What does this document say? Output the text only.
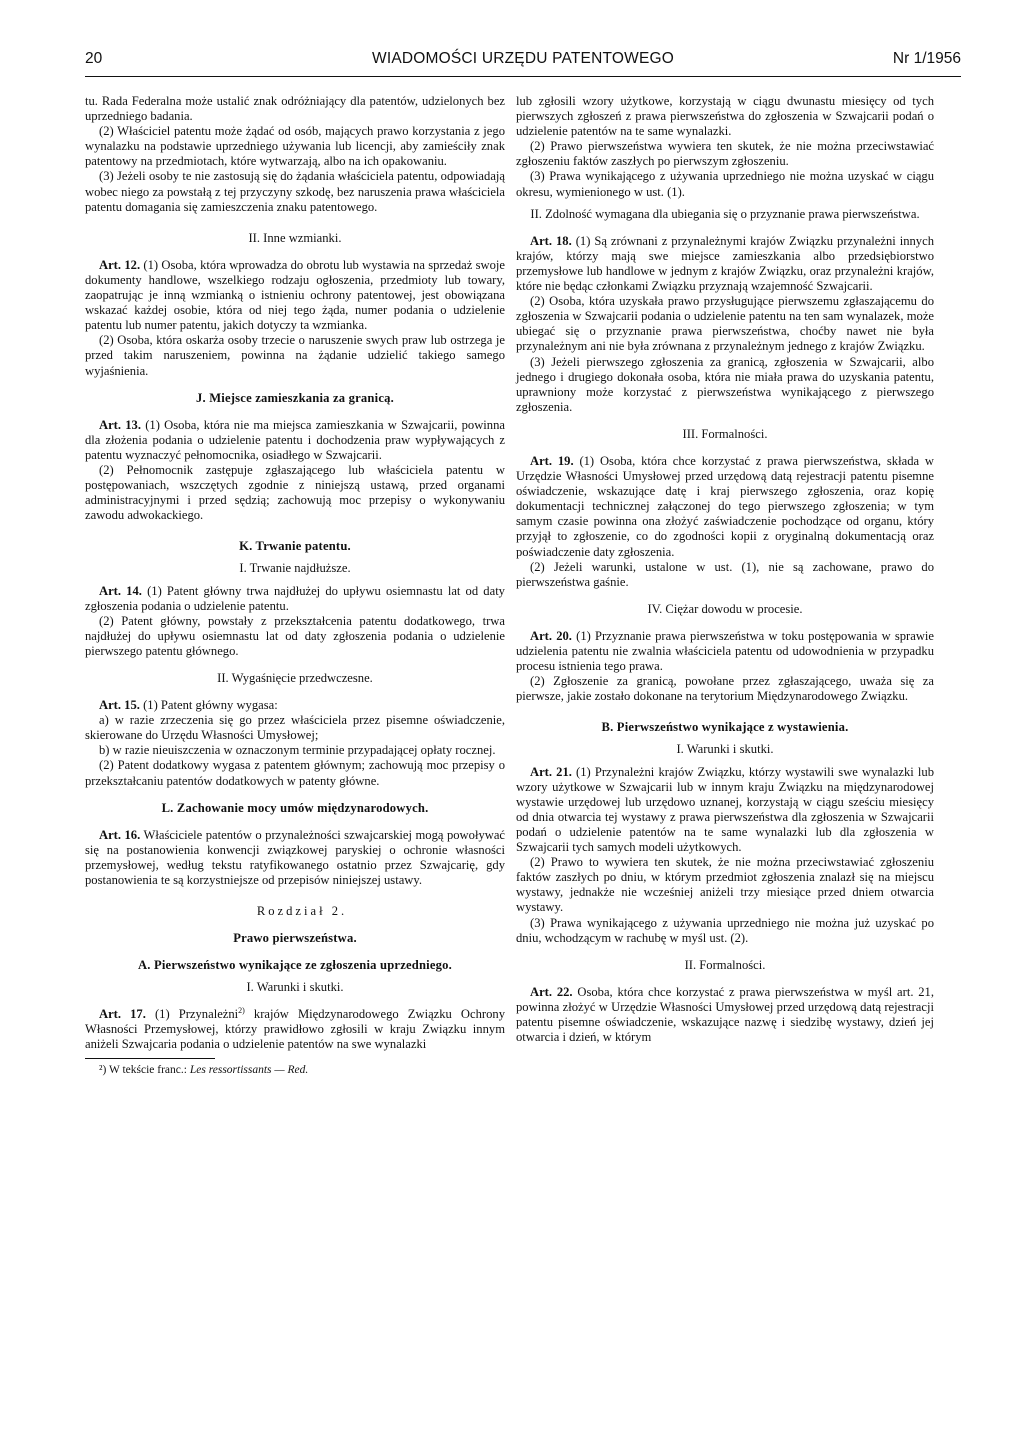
20	WIADOMOŚCI URZĘDU PATENTOWEGO	Nr 1/1956

tu. Rada Federalna może ustalić znak odróżniający dla patentów, udzielonych bez uprzedniego badania.

(2) Właściciel patentu może żądać od osób, mających prawo korzystania z jego wynalazku na podstawie uprzedniego używania lub licencji, aby zamieściły znak patentowy na przedmiotach, które wytwarzają, albo na ich opakowaniu.

(3) Jeżeli osoby te nie zastosują się do żądania właściciela patentu, odpowiadają wobec niego za powstałą z tej przyczyny szkodę, bez naruszenia prawa właściciela patentu domagania się zamieszczenia znaku patentowego.

II. Inne wzmianki.

Art. 12. (1) Osoba, która wprowadza do obrotu lub wystawia na sprzedaż swoje dokumenty handlowe, wszelkiego rodzaju ogłoszenia, przedmioty lub towary, zaopatrując je inną wzmianką o istnieniu ochrony patentowej, jest obowiązana wskazać każdej osobie, która od niej tego żąda, numer podania o udzielenie patentu lub numer patentu, jakich dotyczy ta wzmianka.

(2) Osoba, która oskarża osoby trzecie o naruszenie swych praw lub ostrzega je przed takim naruszeniem, powinna na żądanie udzielić takiego samego wyjaśnienia.

J. Miejsce zamieszkania za granicą.

Art. 13. (1) Osoba, która nie ma miejsca zamieszkania w Szwajcarii, powinna dla złożenia podania o udzielenie patentu i dochodzenia praw wypływających z patentu wyznaczyć pełnomocnika, osiadłego w Szwajcarii.

(2) Pełnomocnik zastępuje zgłaszającego lub właściciela patentu w postępowaniach, wszczętych zgodnie z niniejszą ustawą, przed organami administracyjnymi i przed sędzią; zachowują moc przepisy o wykonywaniu zawodu adwokackiego.

K. Trwanie patentu.

I. Trwanie najdłuższe.

Art. 14. (1) Patent główny trwa najdłużej do upływu osiemnastu lat od daty zgłoszenia podania o udzielenie patentu.

(2) Patent główny, powstały z przekształcenia patentu dodatkowego, trwa najdłużej do upływu osiemnastu lat od daty zgłoszenia podania o udzielenie pierwszego patentu głównego.

II. Wygaśnięcie przedwczesne.

Art. 15. (1) Patent główny wygasa:

a) w razie zrzeczenia się go przez właściciela przez pisemne oświadczenie, skierowane do Urzędu Własności Umysłowej;

b) w razie nieuiszczenia w oznaczonym terminie przypadającej opłaty rocznej.

(2) Patent dodatkowy wygasa z patentem głównym; zachowują moc przepisy o przekształcaniu patentów dodatkowych w patenty główne.

L. Zachowanie mocy umów międzynarodowych.

Art. 16. Właściciele patentów o przynależności szwajcarskiej mogą powoływać się na postanowienia konwencji związkowej paryskiej o ochronie własności przemysłowej, według tekstu ratyfikowanego ostatnio przez Szwajcarię, gdy postanowienia te są korzystniejsze od przepisów niniejszej ustawy.

Rozdział 2.

Prawo pierwszeństwa.

A. Pierwszeństwo wynikające ze zgłoszenia uprzedniego.

I. Warunki i skutki.

Art. 17. (1) Przynależni$^{2)}$ krajów Międzynarodowego Związku Ochrony Własności Przemysłowej, którzy prawidłowo zgłosili w kraju Związku innym aniżeli Szwajcaria podania o udzielenie patentów na swe wynalazki

²) W tekście franc.: Les ressortissants — Red.

lub zgłosili wzory użytkowe, korzystają w ciągu dwunastu miesięcy od tych pierwszych zgłoszeń z prawa pierwszeństwa do zgłoszenia w Szwajcarii podań o udzielenie patentów na te same wynalazki.

(2) Prawo pierwszeństwa wywiera ten skutek, że nie można przeciwstawiać zgłoszeniu faktów zaszłych po pierwszym zgłoszeniu.

(3) Prawa wynikającego z używania uprzedniego nie można uzyskać w ciągu okresu, wymienionego w ust. (1).

II. Zdolność wymagana dla ubiegania się o przyznanie prawa pierwszeństwa.

Art. 18. (1) Są zrównani z przynależnymi krajów Związku przynależni innych krajów, którzy mają swe miejsce zamieszkania albo przedsiębiorstwo przemysłowe lub handlowe w jednym z krajów Związku, oraz przynależni krajów, które nie będąc członkami Związku przyznają wzajemność Szwajcarii.

(2) Osoba, która uzyskała prawo przysługujące pierwszemu zgłaszającemu do zgłoszenia w Szwajcarii podania o udzielenie patentu na ten sam wynalazek, może ubiegać się o przyznanie prawa pierwszeństwa, choćby nawet nie była przynależnym ani nie była zrównana z przynależnym jednego z krajów Związku.

(3) Jeżeli pierwszego zgłoszenia za granicą, zgłoszenia w Szwajcarii, albo jednego i drugiego dokonała osoba, która nie miała prawa do uzyskania patentu, uprawniony może korzystać z pierwszeństwa wynikającego z pierwszego zgłoszenia.

III. Formalności.

Art. 19. (1) Osoba, która chce korzystać z prawa pierwszeństwa, składa w Urzędzie Własności Umysłowej przed urzędową datą rejestracji patentu pisemne oświadczenie, wskazujące datę i kraj pierwszego zgłoszenia, oraz kopię dokumentacji technicznej załączonej do tego pierwszego zgłoszenia; w tym samym czasie powinna ona złożyć zaświadczenie pochodzące od organu, który przyjął to zgłoszenie, co do zgodności kopii z oryginalną dokumentacją oraz poświadczenie daty zgłoszenia.

(2) Jeżeli warunki, ustalone w ust. (1), nie są zachowane, prawo do pierwszeństwa gaśnie.

IV. Ciężar dowodu w procesie.

Art. 20. (1) Przyznanie prawa pierwszeństwa w toku postępowania w sprawie udzielenia patentu nie zwalnia właściciela patentu od udowodnienia w przypadku procesu istnienia tego prawa.

(2) Zgłoszenie za granicą, powołane przez zgłaszającego, uważa się za pierwsze, jakie zostało dokonane na terytorium Międzynarodowego Związku.

B. Pierwszeństwo wynikające z wystawienia.

I. Warunki i skutki.

Art. 21. (1) Przynależni krajów Związku, którzy wystawili swe wynalazki lub wzory użytkowe w Szwajcarii lub w innym kraju Związku na międzynarodowej wystawie urzędowej lub urzędowo uznanej, korzystają w ciągu sześciu miesięcy od dnia otwarcia tej wystawy z prawa pierwszeństwa dla zgłoszenia w Szwajcarii podań o udzielenie patentów na te same wynalazki lub dla zgłoszenia w Szwajcarii tych samych modeli użytkowych.

(2) Prawo to wywiera ten skutek, że nie można przeciwstawiać zgłoszeniu faktów zaszłych po dniu, w którym przedmiot zgłoszenia znalazł się na miejscu wystawy, jednakże nie wcześniej aniżeli trzy miesiące przed dniem otwarcia wystawy.

(3) Prawa wynikającego z używania uprzedniego nie można już uzyskać po dniu, wchodzącym w rachubę w myśl ust. (2).

II. Formalności.

Art. 22. Osoba, która chce korzystać z prawa pierwszeństwa w myśl art. 21, powinna złożyć w Urzędzie Własności Umysłowej przed urzędową datą rejestracji patentu pisemne oświadczenie, wskazujące nazwę i siedzibę wystawy, dzień jej otwarcia i dzień, w którym
